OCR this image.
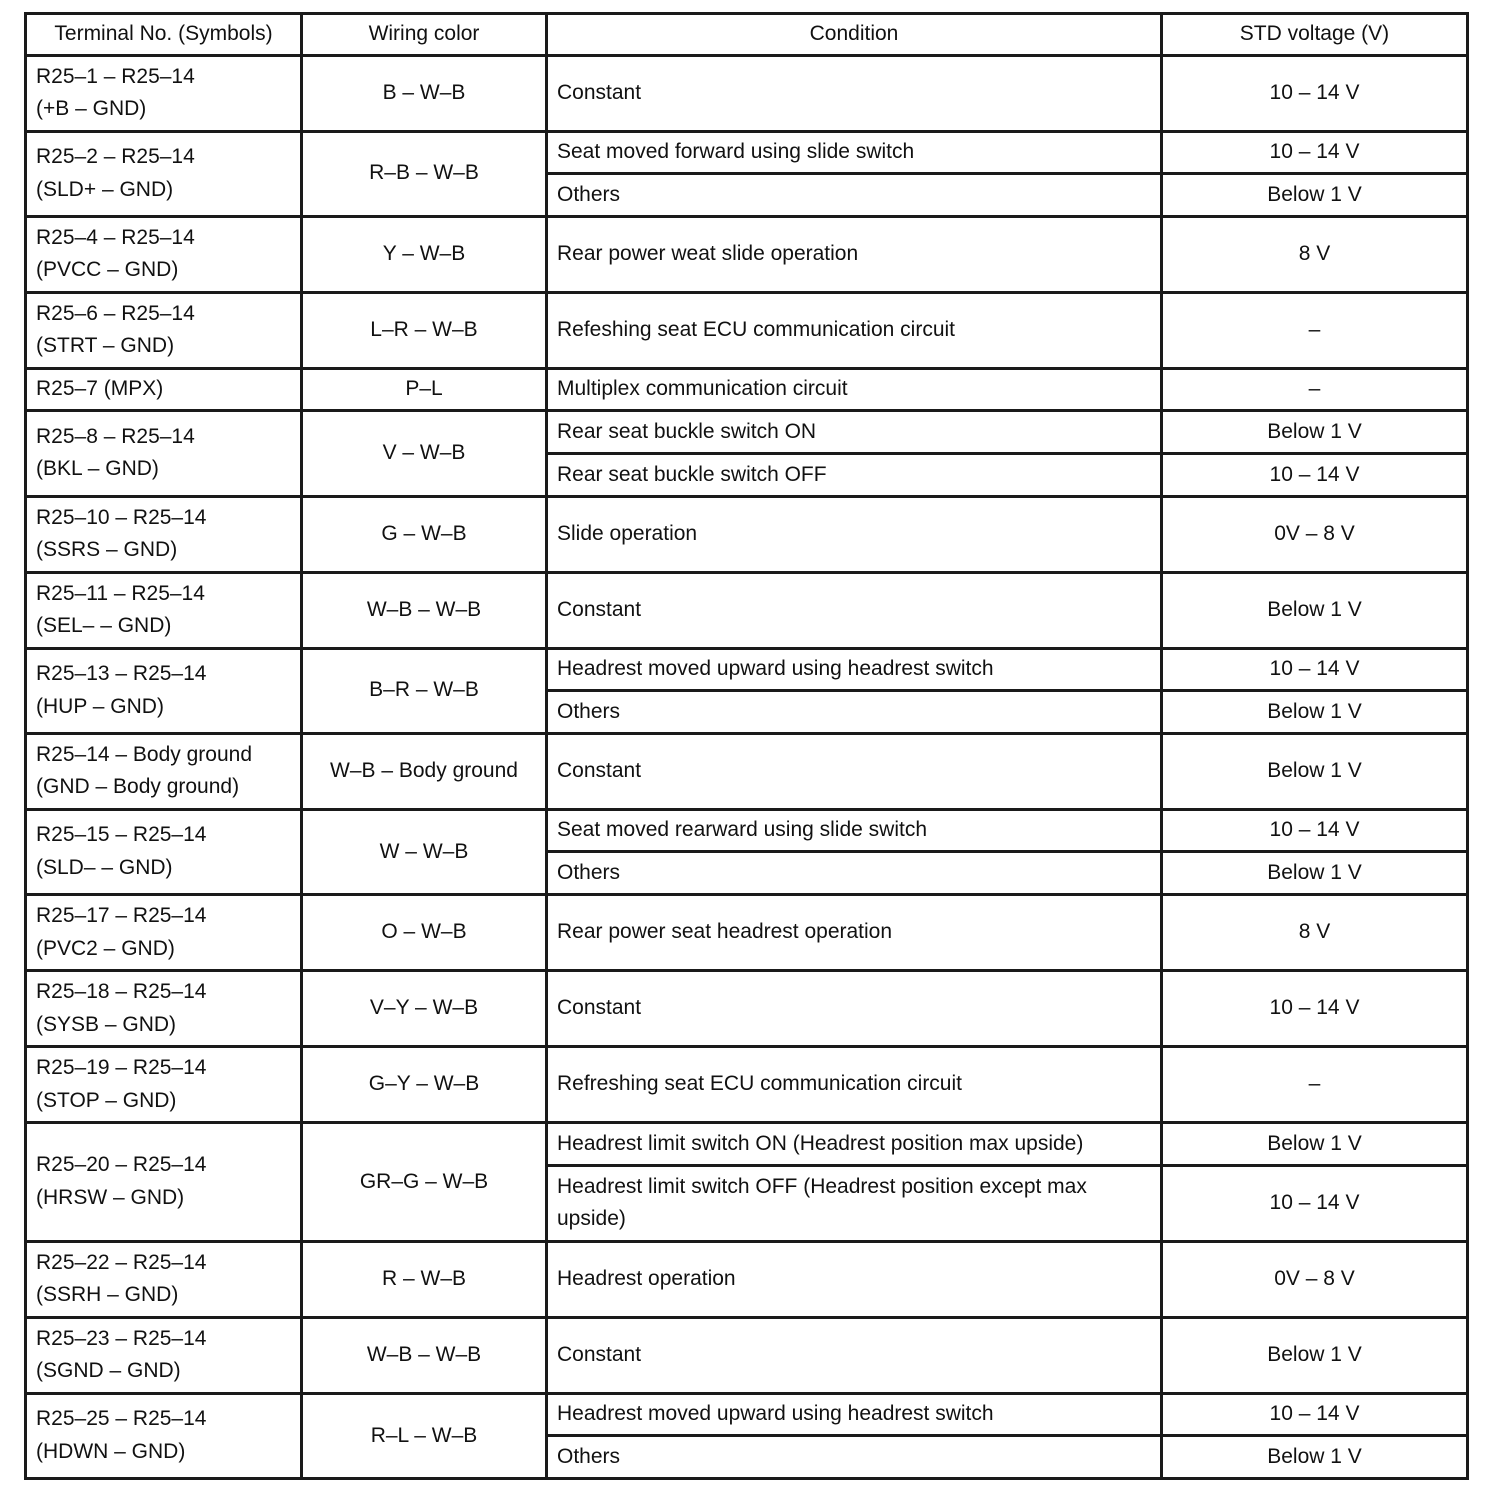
Terminal No. (Symbols)	Wiring color	Condition	STD voltage (V)

R25–1 – R25–14
(+B – GND)	B – W–B	Constant	10 – 14 V

R25–2 – R25–14
(SLD+ – GND)	R–B – W–B	Seat moved forward using slide switch	10 – 14 V
		Others	Below 1 V

R25–4 – R25–14
(PVCC – GND)	Y – W–B	Rear power weat slide operation	8 V

R25–6 – R25–14
(STRT – GND)	L–R – W–B	Refeshing seat ECU communication circuit	–

R25–7 (MPX)	P–L	Multiplex communication circuit	–

R25–8 – R25–14
(BKL – GND)	V – W–B	Rear seat buckle switch ON	Below 1 V
		Rear seat buckle switch OFF	10 – 14 V

R25–10 – R25–14
(SSRS – GND)	G – W–B	Slide operation	0V – 8 V

R25–11 – R25–14
(SEL– – GND)	W–B – W–B	Constant	Below 1 V

R25–13 – R25–14
(HUP – GND)	B–R – W–B	Headrest moved upward using headrest switch	10 – 14 V
		Others	Below 1 V

R25–14 – Body ground
(GND – Body ground)	W–B – Body ground	Constant	Below 1 V

R25–15 – R25–14
(SLD– – GND)	W – W–B	Seat moved rearward using slide switch	10 – 14 V
		Others	Below 1 V

R25–17 – R25–14
(PVC2 – GND)	O – W–B	Rear power seat headrest operation	8 V

R25–18 – R25–14
(SYSB – GND)	V–Y – W–B	Constant	10 – 14 V

R25–19 – R25–14
(STOP – GND)	G–Y – W–B	Refreshing seat ECU communication circuit	–

R25–20 – R25–14
(HRSW – GND)	GR–G – W–B	Headrest limit switch ON (Headrest position max upside)	Below 1 V
		Headrest limit switch OFF (Headrest position except max upside)	10 – 14 V

R25–22 – R25–14
(SSRH – GND)	R – W–B	Headrest operation	0V – 8 V

R25–23 – R25–14
(SGND – GND)	W–B – W–B	Constant	Below 1 V

R25–25 – R25–14
(HDWN – GND)	R–L – W–B	Headrest moved upward using headrest switch	10 – 14 V
		Others	Below 1 V
